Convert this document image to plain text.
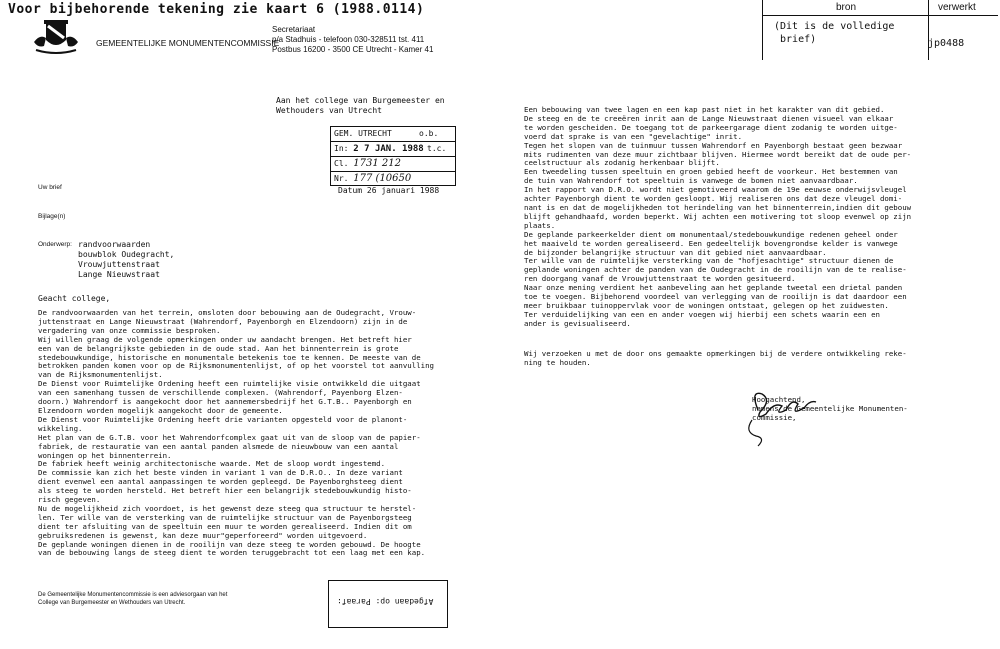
Voor bijbehorende tekening zie kaart 6 (1988.0114)
GEMEENTELIJKE MONUMENTENCOMMISSIE
Secretariaat
p/a Stadhuis - telefoon 030-328511 tst. 411
Postbus 16200 - 3500 CE Utrecht - Kamer 41
bron	verwerkt
(Dit is de volledige
brief)	jp0488
Aan het college van Burgemeester en
Wethouders van Utrecht
GEM. UTRECHT	o.b.
In: 2 7 JAN. 1988 t.c.
Cl. 1731 212
Nr. 177 (10650
Datum 26 januari 1988
Uw brief
Bijlage(n)
Onderwerp: randvoorwaarden
bouwblok Oudegracht,
Vrouwjuttenstraat
Lange Nieuwstraat
Geacht college,
De randvoorwaarden van het terrein, omsloten door bebouwing aan de Oudegracht, Vrouw-
juttenstraat en Lange Nieuwstraat (Wahrendorf, Payenborgh en Elzendoorn) zijn in de
vergadering van onze commissie besproken.
Wij willen graag de volgende opmerkingen onder uw aandacht brengen. Het betreft hier
een van de belangrijkste gebieden in de oude stad. Aan het binnenterrein is grote
stedebouwkundige, historische en monumentale betekenis toe te kennen. De meeste van de
betrokken panden komen voor op de Rijksmonumentenlijst, of op het voorstel tot aanvulling
van de Rijksmonumentenlijst.
De Dienst voor Ruimtelijke Ordening heeft een ruimtelijke visie ontwikkeld die uitgaat
van een samenhang tussen de verschillende complexen. (Wahrendorf, Payenborg Elzen-
doorn.) Wahrendorf is aangekocht door het aannemersbedrijf het G.T.B.. Payenborgh en
Elzendoorn worden mogelijk aangekocht door de gemeente.
De Dienst voor Ruimtelijke Ordening heeft drie varianten opgesteld voor de planont-
wikkeling.
Het plan van de G.T.B. voor het Wahrendorfcomplex gaat uit van de sloop van de papier-
fabriek, de restauratie van een aantal panden alsmede de nieuwbouw van een aantal
woningen op het binnenterrein.
De fabriek heeft weinig architectonische waarde. Met de sloop wordt ingestemd.
De commissie kan zich het beste vinden in variant 1 van de D.R.O.. In deze variant
dient evenwel een aantal aanpassingen te worden gepleegd. De Payenborghsteeg dient
als steeg te worden hersteld. Het betreft hier een belangrijk stedebouwkundig histo-
risch gegeven.
Nu de mogelijkheid zich voordoet, is het gewenst deze steeg qua structuur te herstel-
len. Ter wille van de versterking van de ruimtelijke structuur van de Payenborgsteeg
dient ter afsluiting van de speeltuin een muur te worden gerealiseerd. Indien dit om
gebruiksredenen is gewenst, kan deze muur"geperforeerd" worden uitgevoerd.
De geplande woningen dienen in de rooilijn van deze steeg te worden gebouwd. De hoogte
van de bebouwing langs de steeg dient te worden teruggebracht tot een laag met een kap.
Een bebouwing van twee lagen en een kap past niet in het karakter van dit gebied.
De steeg en de te creeëren inrit aan de Lange Nieuwstraat dienen visueel van elkaar
te worden gescheiden. De toegang tot de parkeergarage dient zodanig te worden uitge-
voerd dat sprake is van een "gevelachtige" inrit.
Tegen het slopen van de tuinmuur tussen Wahrendorf en Payenborgh bestaat geen bezwaar
mits rudimenten van deze muur zichtbaar blijven. Hiermee wordt bereikt dat de oude per-
ceelstructuur als zodanig herkenbaar blijft.
Een tweedeling tussen speeltuin en groen gebied heeft de voorkeur. Het bestemmen van
de tuin van Wahrendorf tot speeltuin is vanwege de bomen niet aanvaardbaar.
In het rapport van D.R.O. wordt niet gemotiveerd waarom de 19e eeuwse onderwijsvleugel
achter Payenborgh dient te worden gesloopt. Wij realiseren ons dat deze vleugel domi-
nant is en dat de mogelijkheden tot herindeling van het binnenterrein,indien dit gebouw
blijft gehandhaafd, worden beperkt. Wij achten een motivering tot sloop evenwel op zijn
plaats.
De geplande parkeerkelder dient om monumentaal/stedebouwkundige redenen geheel onder
het maaiveld te worden gerealiseerd. Een gedeeltelijk bovengrondse kelder is vanwege
de bijzonder belangrijke structuur van dit gebied niet aanvaardbaar.
Ter wille van de ruimtelijke versterking van de "hofjesachtige" structuur dienen de
geplande woningen achter de panden van de Oudegracht in de rooilijn van de te realise-
ren doorgang vanaf de Vrouwjuttenstraat te worden gesitueerd.
Naar onze mening verdient het aanbeveling aan het geplande tweetal een drietal panden
toe te voegen. Bijbehorend voordeel van verlegging van de rooilijn is dat daardoor een
meer bruikbaar tuinoppervlak voor de woningen ontstaat, gelegen op het zuidwesten.
Ter verduidelijking van een en ander voegen wij hierbij een schets waarin een en
ander is gevisualiseerd.
Wij verzoeken u met de door ons gemaakte opmerkingen bij de verdere ontwikkeling reke-
ning te houden.
Hoogachtend,
namens de Gemeentelijke Monumenten-
commissie,
De Gemeentelijke Monumentencommissie is een adviesorgaan van het
College van Burgemeester en Wethouders van Utrecht.	Afgedaan op: Paraaf:
